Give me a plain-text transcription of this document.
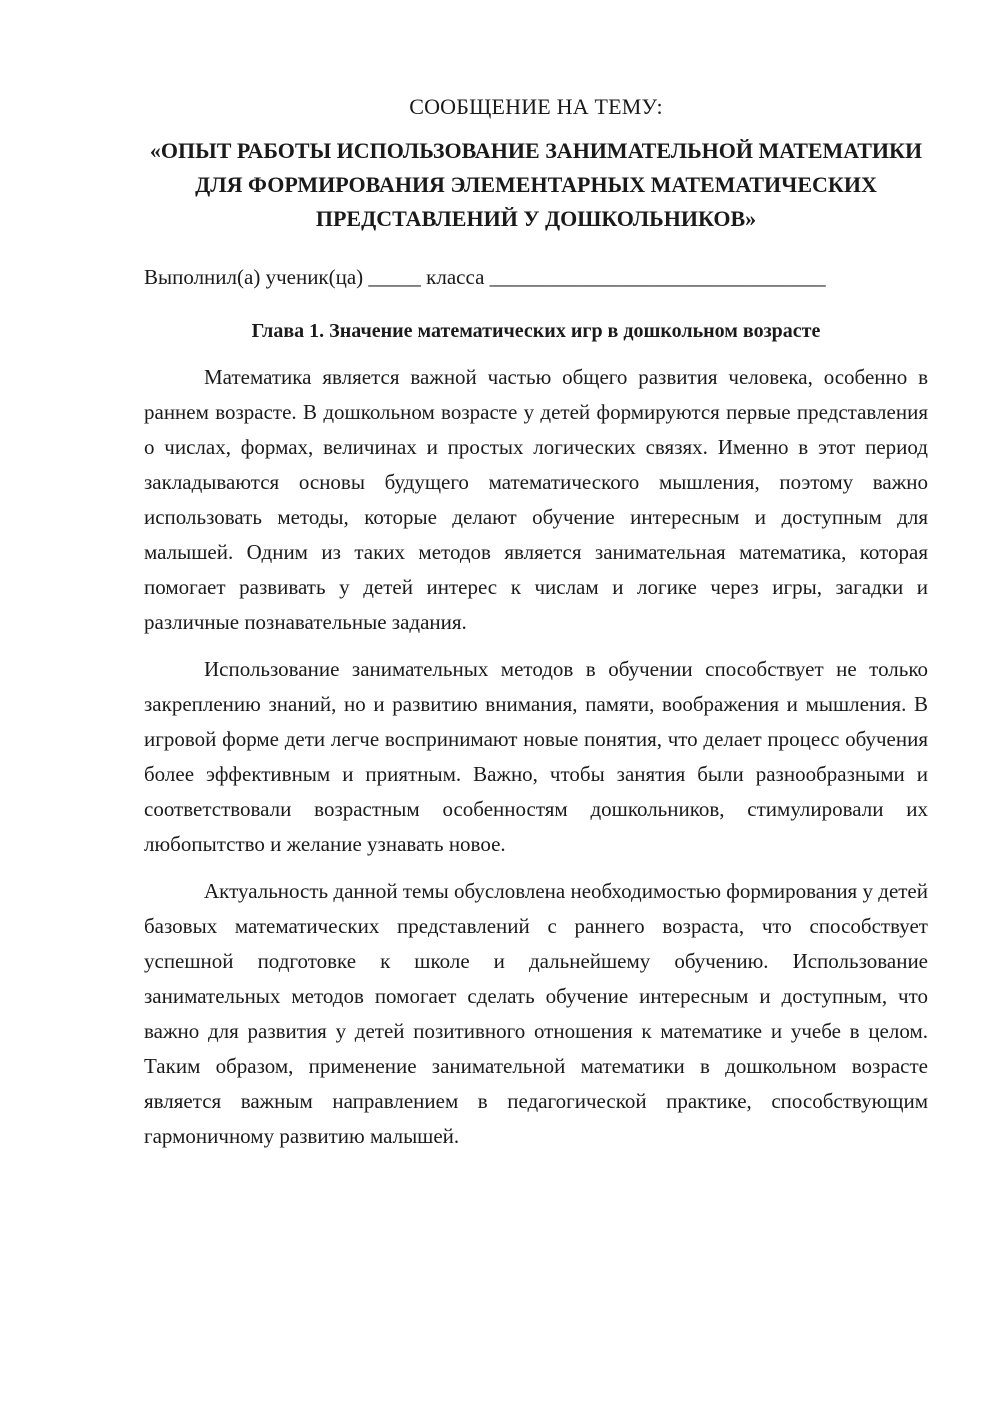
СООБЩЕНИЕ НА ТЕМУ:
«ОПЫТ РАБОТЫ ИСПОЛЬЗОВАНИЕ ЗАНИМАТЕЛЬНОЙ МАТЕМАТИКИ ДЛЯ ФОРМИРОВАНИЯ ЭЛЕМЕНТАРНЫХ МАТЕМАТИЧЕСКИХ ПРЕДСТАВЛЕНИЙ У ДОШКОЛЬНИКОВ»
Выполнил(а) ученик(ца) _____ класса ________________________________
Глава 1. Значение математических игр в дошкольном возрасте

Математика является важной частью общего развития человека, особенно в раннем возрасте. В дошкольном возрасте у детей формируются первые представления о числах, формах, величинах и простых логических связях. Именно в этот период закладываются основы будущего математического мышления, поэтому важно использовать методы, которые делают обучение интересным и доступным для малышей. Одним из таких методов является занимательная математика, которая помогает развивать у детей интерес к числам и логике через игры, загадки и различные познавательные задания.

Использование занимательных методов в обучении способствует не только закреплению знаний, но и развитию внимания, памяти, воображения и мышления. В игровой форме дети легче воспринимают новые понятия, что делает процесс обучения более эффективным и приятным. Важно, чтобы занятия были разнообразными и соответствовали возрастным особенностям дошкольников, стимулировали их любопытство и желание узнавать новое.

Актуальность данной темы обусловлена необходимостью формирования у детей базовых математических представлений с раннего возраста, что способствует успешной подготовке к школе и дальнейшему обучению. Использование занимательных методов помогает сделать обучение интересным и доступным, что важно для развития у детей позитивного отношения к математике и учебе в целом. Таким образом, применение занимательной математики в дошкольном возрасте является важным направлением в педагогической практике, способствующим гармоничному развитию малышей.
